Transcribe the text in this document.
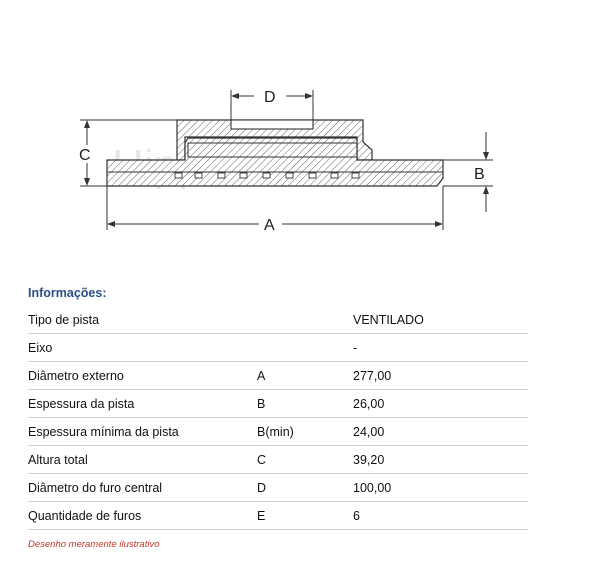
D
C
B
A
Informações:
Tipo de pista		VENTILADO
Eixo		-
Diâmetro externo	A	277,00
Espessura da pista	B	26,00
Espessura mínima da pista	B(min)	24,00
Altura total	C	39,20
Diâmetro do furo central	D	100,00
Quantidade de furos	E	6
Desenho meramente ilustrativo
